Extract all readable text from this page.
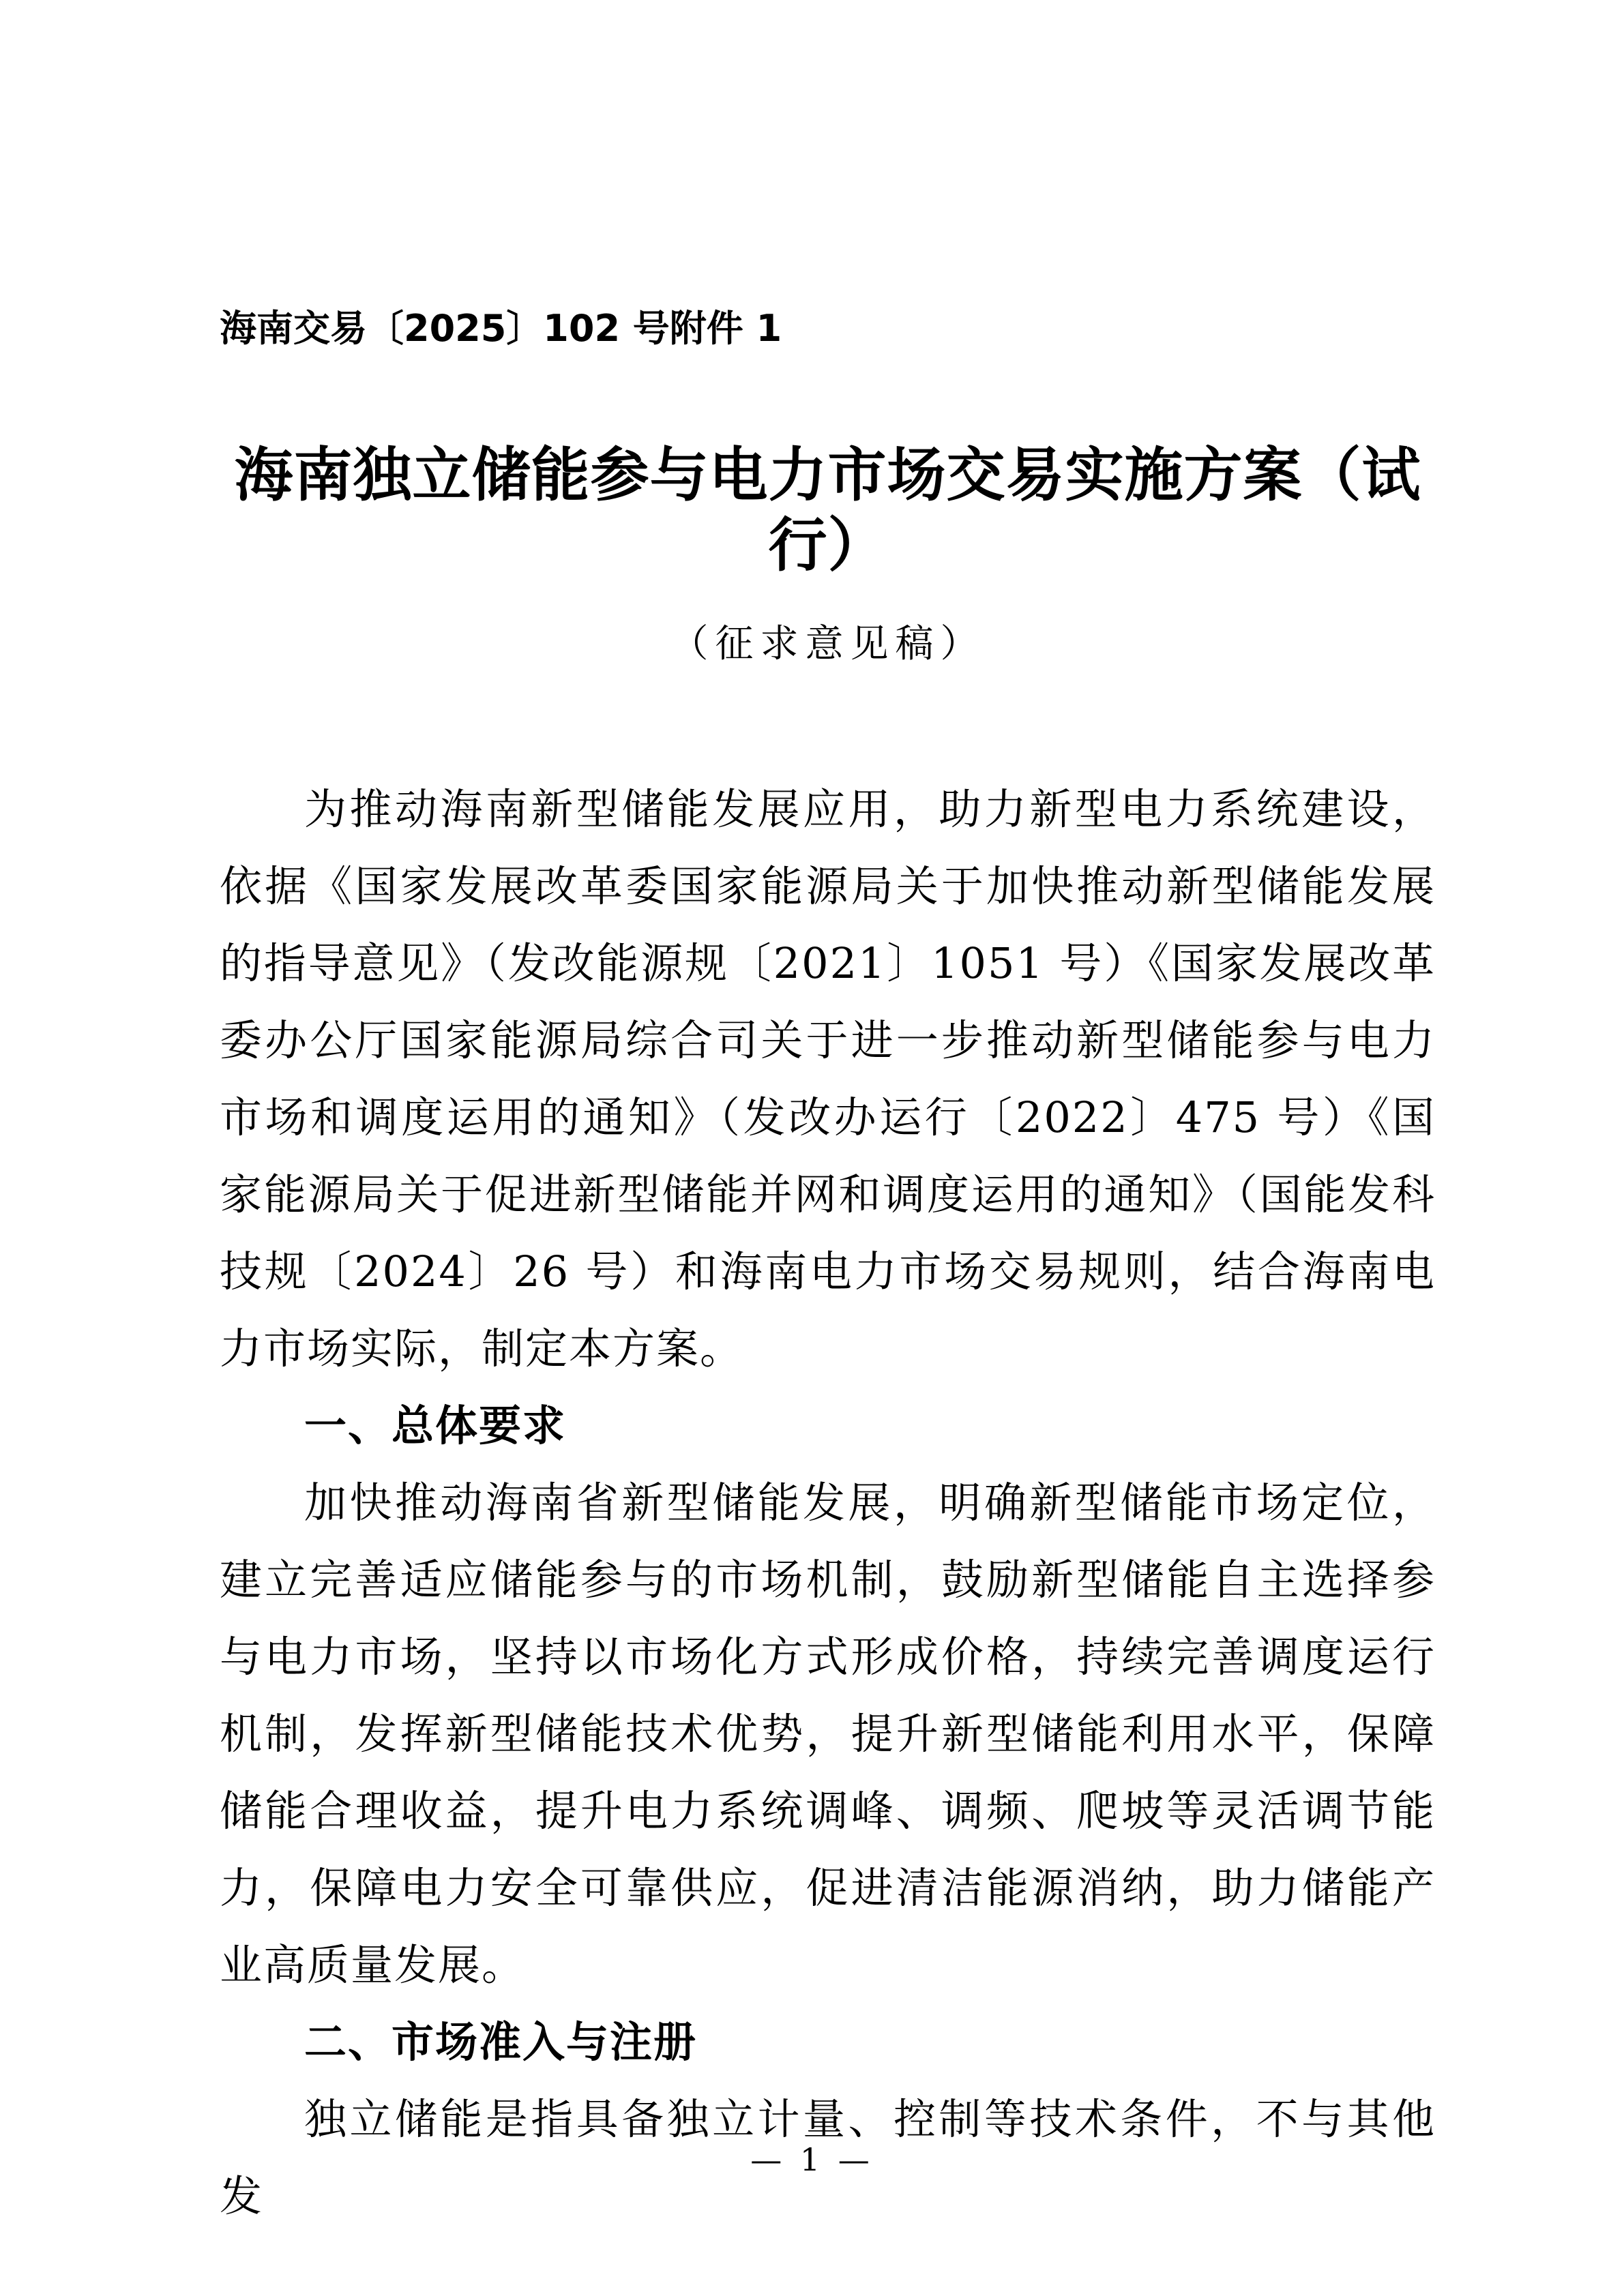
海南交易〔2025〕102 号附件 1
海南独立储能参与电力市场交易实施方案（试行）
（征求意见稿）

为推动海南新型储能发展应用，助力新型电力系统建设，依据《国家发展改革委国家能源局关于加快推动新型储能发展的指导意见》（发改能源规〔2021〕1051 号）《国家发展改革委办公厅国家能源局综合司关于进一步推动新型储能参与电力市场和调度运用的通知》（发改办运行〔2022〕475 号）《国家能源局关于促进新型储能并网和调度运用的通知》（国能发科技规〔2024〕26 号）和海南电力市场交易规则，结合海南电力市场实际，制定本方案。

一、总体要求

加快推动海南省新型储能发展，明确新型储能市场定位，建立完善适应储能参与的市场机制，鼓励新型储能自主选择参与电力市场，坚持以市场化方式形成价格，持续完善调度运行机制，发挥新型储能技术优势，提升新型储能利用水平，保障储能合理收益，提升电力系统调峰、调频、爬坡等灵活调节能力，保障电力安全可靠供应，促进清洁能源消纳，助力储能产业高质量发展。

二、市场准入与注册

独立储能是指具备独立计量、控制等技术条件，不与其他发

— 1 —
